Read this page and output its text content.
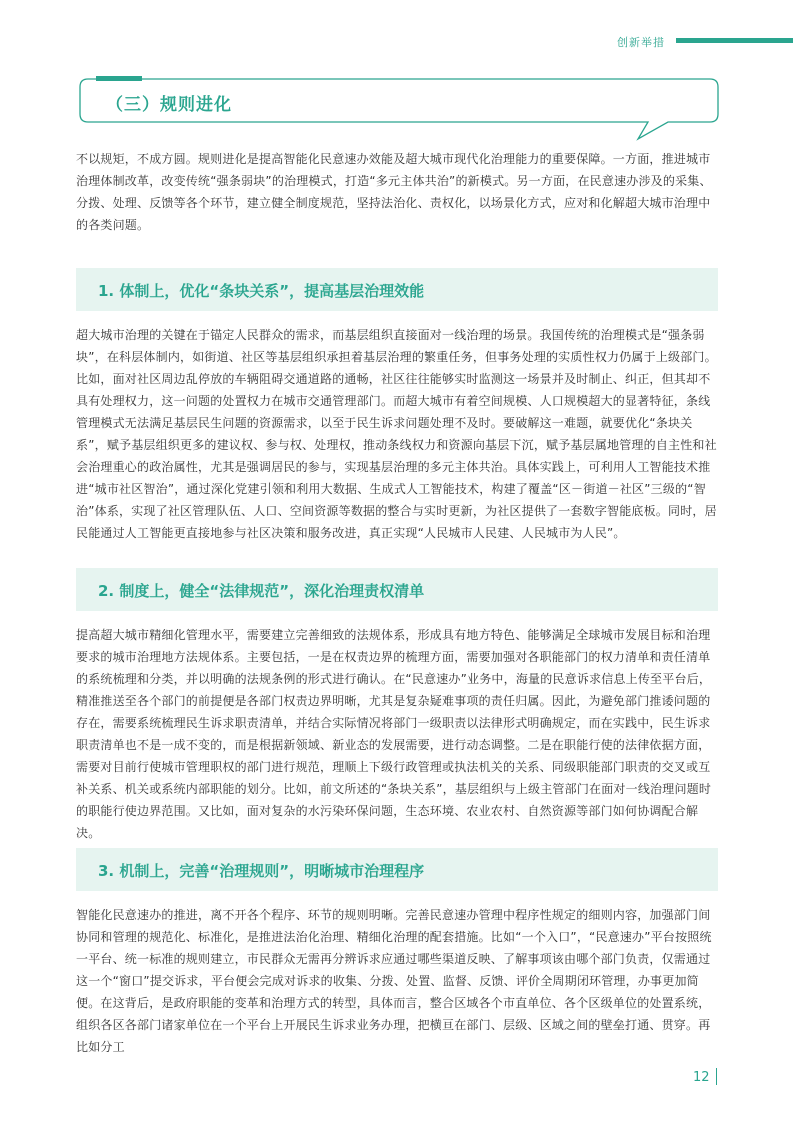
创新举措
（三）规则进化

不以规矩，不成方圆。规则进化是提高智能化民意速办效能及超大城市现代化治理能力的重要保障。一方面，推进城市治理体制改革，改变传统“强条弱块”的治理模式，打造“多元主体共治”的新模式。另一方面，在民意速办涉及的采集、分拨、处理、反馈等各个环节，建立健全制度规范，坚持法治化、责权化，以场景化方式，应对和化解超大城市治理中的各类问题。

1. 体制上，优化“条块关系”，提高基层治理效能

超大城市治理的关键在于锚定人民群众的需求，而基层组织直接面对一线治理的场景。我国传统的治理模式是“强条弱块”，在科层体制内，如街道、社区等基层组织承担着基层治理的繁重任务，但事务处理的实质性权力仍属于上级部门。比如，面对社区周边乱停放的车辆阻碍交通道路的通畅，社区往往能够实时监测这一场景并及时制止、纠正，但其却不具有处理权力，这一问题的处置权力在城市交通管理部门。而超大城市有着空间规模、人口规模超大的显著特征，条线管理模式无法满足基层民生问题的资源需求，以至于民生诉求问题处理不及时。要破解这一难题，就要优化“条块关系”，赋予基层组织更多的建议权、参与权、处理权，推动条线权力和资源向基层下沉，赋予基层属地管理的自主性和社会治理重心的政治属性，尤其是强调居民的参与，实现基层治理的多元主体共治。具体实践上，可利用人工智能技术推进“城市社区智治”，通过深化党建引领和利用大数据、生成式人工智能技术，构建了覆盖“区－街道－社区”三级的“智治”体系，实现了社区管理队伍、人口、空间资源等数据的整合与实时更新，为社区提供了一套数字智能底板。同时，居民能通过人工智能更直接地参与社区决策和服务改进，真正实现“人民城市人民建、人民城市为人民”。

2. 制度上，健全“法律规范”，深化治理责权清单

提高超大城市精细化管理水平，需要建立完善细致的法规体系，形成具有地方特色、能够满足全球城市发展目标和治理要求的城市治理地方法规体系。主要包括，一是在权责边界的梳理方面，需要加强对各职能部门的权力清单和责任清单的系统梳理和分类，并以明确的法规条例的形式进行确认。在“民意速办”业务中，海量的民意诉求信息上传至平台后，精准推送至各个部门的前提便是各部门权责边界明晰，尤其是复杂疑难事项的责任归属。因此，为避免部门推诿问题的存在，需要系统梳理民生诉求职责清单，并结合实际情况将部门一级职责以法律形式明确规定，而在实践中，民生诉求职责清单也不是一成不变的，而是根据新领域、新业态的发展需要，进行动态调整。二是在职能行使的法律依据方面，需要对目前行使城市管理职权的部门进行规范，理顺上下级行政管理或执法机关的关系、同级职能部门职责的交叉或互补关系、机关或系统内部职能的划分。比如，前文所述的“条块关系”，基层组织与上级主管部门在面对一线治理问题时的职能行使边界范围。又比如，面对复杂的水污染环保问题，生态环境、农业农村、自然资源等部门如何协调配合解决。

3. 机制上，完善“治理规则”，明晰城市治理程序

智能化民意速办的推进，离不开各个程序、环节的规则明晰。完善民意速办管理中程序性规定的细则内容，加强部门间协同和管理的规范化、标准化，是推进法治化治理、精细化治理的配套措施。比如“一个入口”，“民意速办”平台按照统一平台、统一标准的规则建立，市民群众无需再分辨诉求应通过哪些渠道反映、了解事项该由哪个部门负责，仅需通过这一个“窗口”提交诉求，平台便会完成对诉求的收集、分拨、处置、监督、反馈、评价全周期闭环管理，办事更加简便。在这背后，是政府职能的变革和治理方式的转型，具体而言，整合区域各个市直单位、各个区级单位的处置系统，组织各区各部门诸家单位在一个平台上开展民生诉求业务办理，把横亘在部门、层级、区域之间的壁垒打通、贯穿。再比如分工

12
